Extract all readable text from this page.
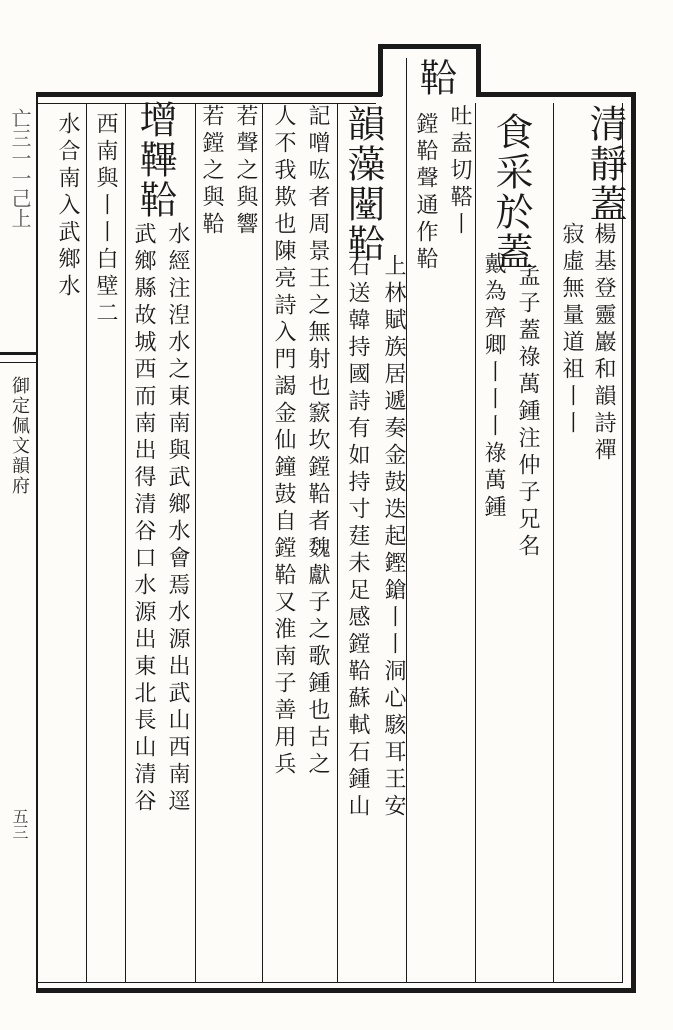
御定佩文韻府
五三
亡三一一己上	清靜蓋
楊基登靈巖和韻詩禪
寂虛無量道祖丨丨
食采於蓋
孟子蓋祿萬鍾注仲子兄名
戴為齊卿丨丨丨祿萬鍾
鞈
吐盍切鞳丨
鏜鞈聲通作鞈
韻藻闛鞈
上林賦族居遞奏金鼓迭起鏗鎗丨丨洞心駭耳王安
石送韓持國詩有如持寸莛未足感鏜鞈蘇軾石鍾山
記噌吰者周景王之無射也窾坎鏜鞈者魏獻子之歌鍾也古之
人不我欺也陳亮詩入門謁金仙鐘鼓自鏜鞈又淮南子善用兵
若聲之與響
若鏜之與鞈
增鞸鞈
水經注湼水之東南與武鄉水會焉水源出武山西南逕
武鄉縣故城西而南出得清谷口水源出東北長山清谷
西南與丨丨白壁二
水合南入武鄉水
